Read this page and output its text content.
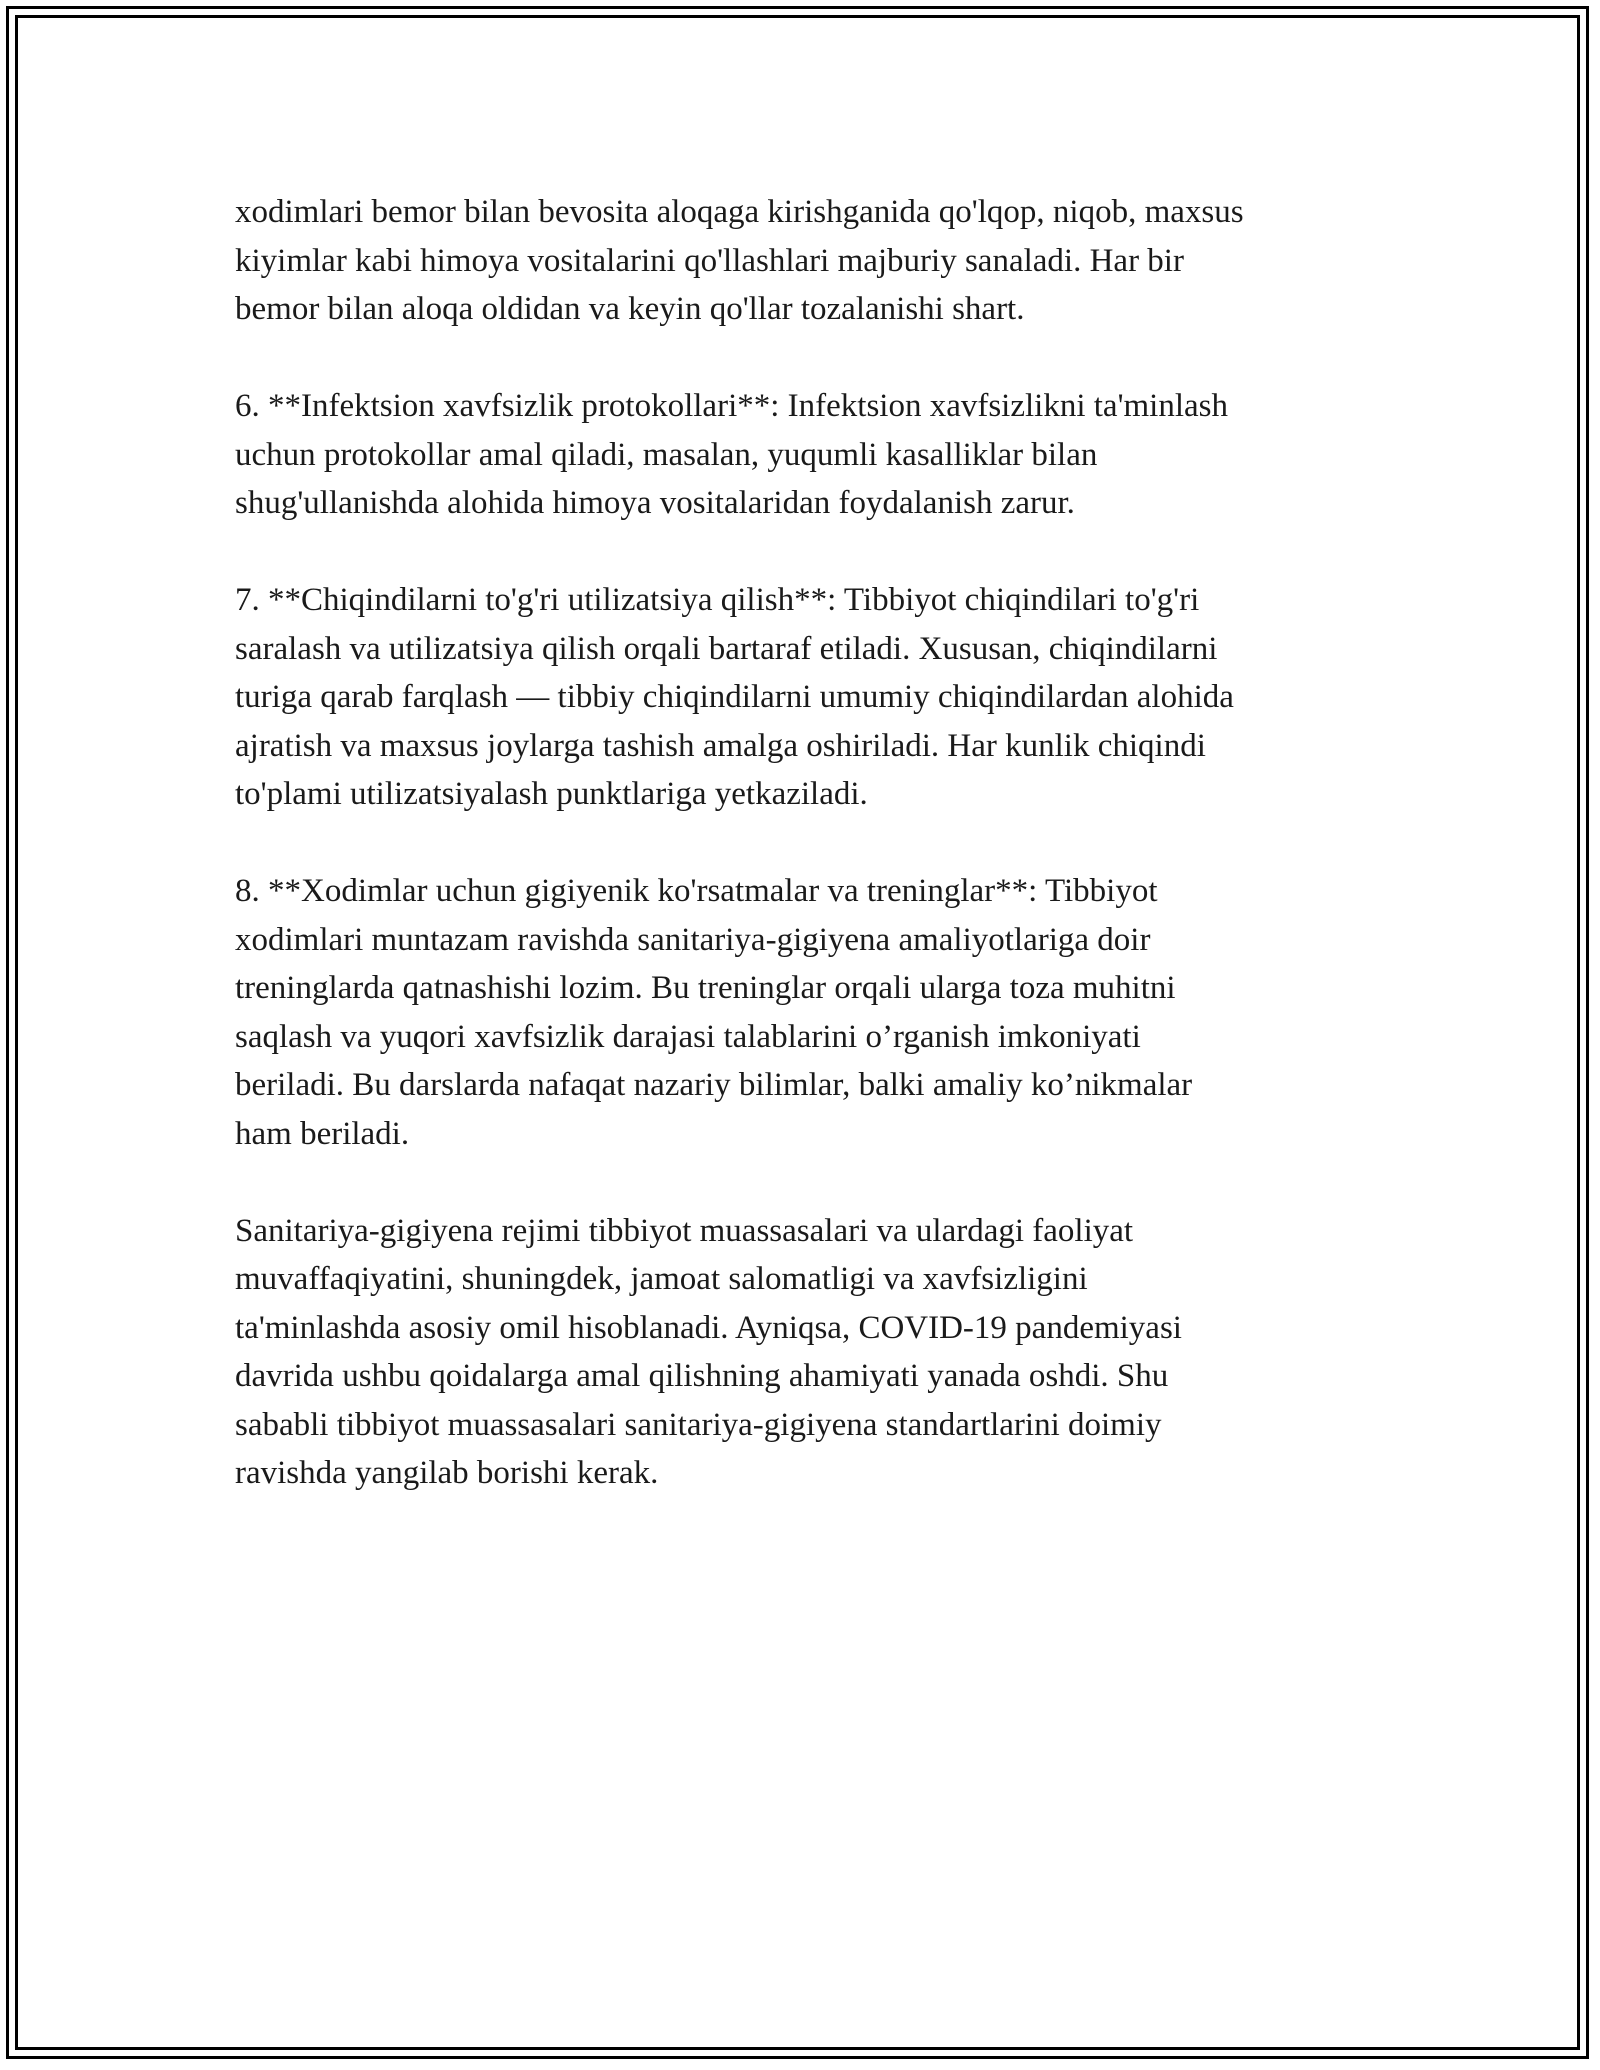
xodimlari bemor bilan bevosita aloqaga kirishganida qo'lqop, niqob, maxsus
kiyimlar kabi himoya vositalarini qo'llashlari majburiy sanaladi. Har bir
bemor bilan aloqa oldidan va keyin qo'llar tozalanishi shart.

6. **Infektsion xavfsizlik protokollari**: Infektsion xavfsizlikni ta'minlash
uchun protokollar amal qiladi, masalan, yuqumli kasalliklar bilan
shug'ullanishda alohida himoya vositalaridan foydalanish zarur.

7. **Chiqindilarni to'g'ri utilizatsiya qilish**: Tibbiyot chiqindilari to'g'ri
saralash va utilizatsiya qilish orqali bartaraf etiladi. Xususan, chiqindilarni
turiga qarab farqlash — tibbiy chiqindilarni umumiy chiqindilardan alohida
ajratish va maxsus joylarga tashish amalga oshiriladi. Har kunlik chiqindi
to'plami utilizatsiyalash punktlariga yetkaziladi.

8. **Xodimlar uchun gigiyenik ko'rsatmalar va treninglar**: Tibbiyot
xodimlari muntazam ravishda sanitariya-gigiyena amaliyotlariga doir
treninglarda qatnashishi lozim. Bu treninglar orqali ularga toza muhitni
saqlash va yuqori xavfsizlik darajasi talablarini o’rganish imkoniyati
beriladi. Bu darslarda nafaqat nazariy bilimlar, balki amaliy ko’nikmalar
ham beriladi.

Sanitariya-gigiyena rejimi tibbiyot muassasalari va ulardagi faoliyat
muvaffaqiyatini, shuningdek, jamoat salomatligi va xavfsizligini
ta'minlashda asosiy omil hisoblanadi. Ayniqsa, COVID-19 pandemiyasi
davrida ushbu qoidalarga amal qilishning ahamiyati yanada oshdi. Shu
sababli tibbiyot muassasalari sanitariya-gigiyena standartlarini doimiy
ravishda yangilab borishi kerak.
